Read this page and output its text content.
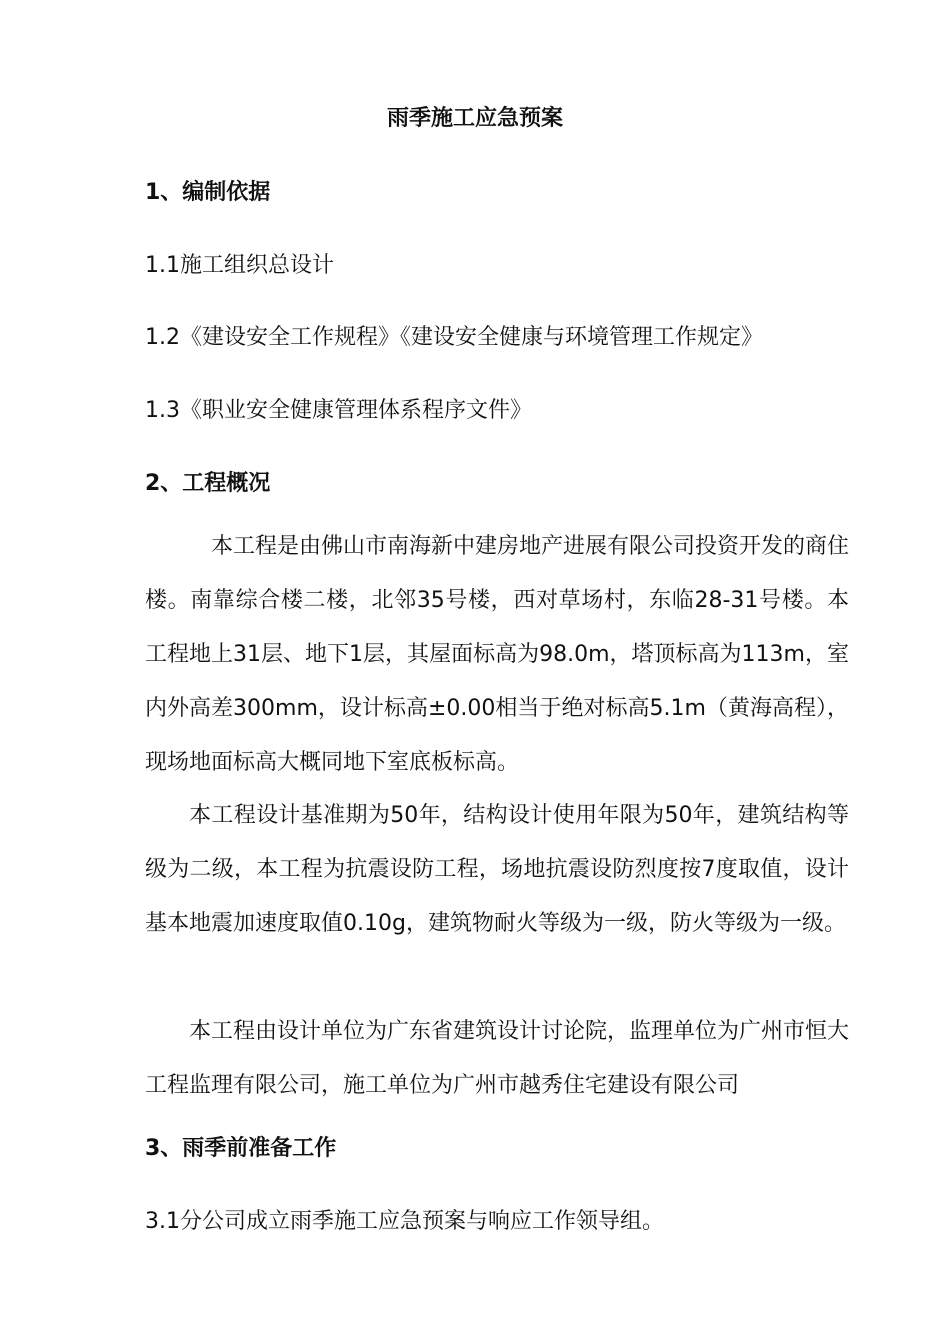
雨季施工应急预案
1、编制依据
1.1施工组织总设计
1.2《建设安全工作规程》《建设安全健康与环境管理工作规定》
1.3《职业安全健康管理体系程序文件》
2、工程概况
本工程是由佛山市南海新中建房地产进展有限公司投资开发的商住楼。南靠综合楼二楼，北邻35号楼，西对草场村，东临28-31号楼。本工程地上31层、地下1层，其屋面标高为98.0m，塔顶标高为113m，室内外高差300mm，设计标高±0.00相当于绝对标高5.1m（黄海高程），现场地面标高大概同地下室底板标高。
本工程设计基准期为50年，结构设计使用年限为50年，建筑结构等级为二级，本工程为抗震设防工程，场地抗震设防烈度按7度取值，设计基本地震加速度取值0.10g，建筑物耐火等级为一级，防火等级为一级。
本工程由设计单位为广东省建筑设计讨论院，监理单位为广州市恒大工程监理有限公司，施工单位为广州市越秀住宅建设有限公司
3、雨季前准备工作
3.1分公司成立雨季施工应急预案与响应工作领导组。
